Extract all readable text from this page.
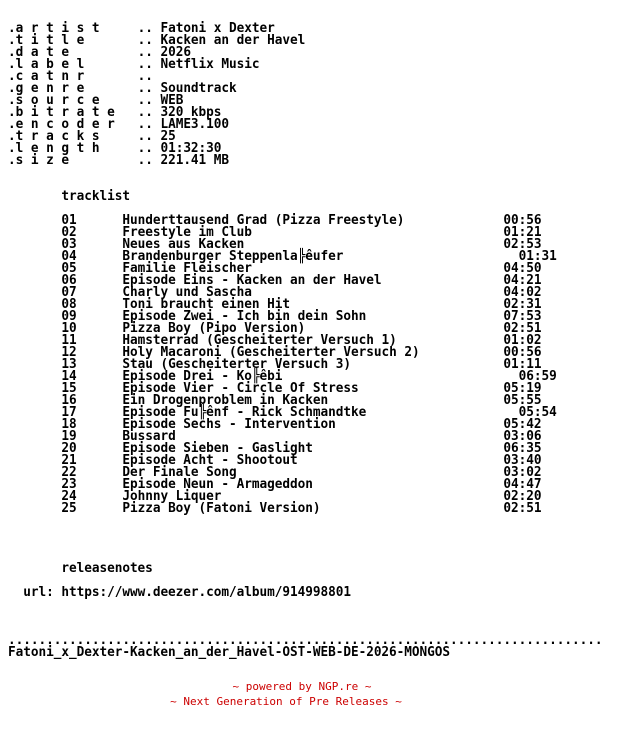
.a r t i s t	.. Fatoni x Dexter
.t i t l e	.. Kacken an der Havel
.d a t e	.. 2026
.l a b e l	.. Netflix Music
.c a t n r	..
.g e n r e	.. Soundtrack
.s o u r c e	.. WEB
.b i t r a t e .. 320 kbps
.e n c o d e r .. LAME3.100
.t r a c k s	.. 25
.l e n g t h	.. 01:32:30
.s i z e	.. 221.41 MB

tracklist

01	Hunderttausend Grad (Pizza Freestyle)	00:56
02	Freestyle im Club	01:21
03	Neues aus Kacken	02:53
04	Brandenburger Steppenla╠êufer	01:31
05	Familie Fleischer	04:50
06	Episode Eins - Kacken an der Havel	04:21
07	Charly und Sascha	04:02
08	Toni braucht einen Hit	02:31
09	Episode Zwei - Ich bin dein Sohn	07:53
10	Pizza Boy (Pipo Version)	02:51
11	Hamsterrad (Gescheiterter Versuch 1)	01:02
12	Holy Macaroni (Gescheiterter Versuch 2)	00:56
13	Stau (Gescheiterter Versuch 3)	01:11
14	Episode Drei - Ko╠êbi	06:59
15	Episode Vier - Circle Of Stress	05:19
16	Ein Drogenproblem in Kacken	05:55
17	Episode Fu╠ênf - Rick Schmandtke	05:54
18	Episode Sechs - Intervention	05:42
19	Bussard	03:06
20	Episode Sieben - Gaslight	06:35
21	Episode Acht - Shootout	03:40
22	Der Finale Song	03:02
23	Episode Neun - Armageddon	04:47
24	Johnny Liquer	02:20
25	Pizza Boy (Fatoni Version)	02:51

releasenotes

url: https://www.deezer.com/album/914998801

..............................................................................
Fatoni_x_Dexter-Kacken_an_der_Havel-OST-WEB-DE-2026-MONGOS
~ powered by NGP.re ~
~ Next Generation of Pre Releases ~
